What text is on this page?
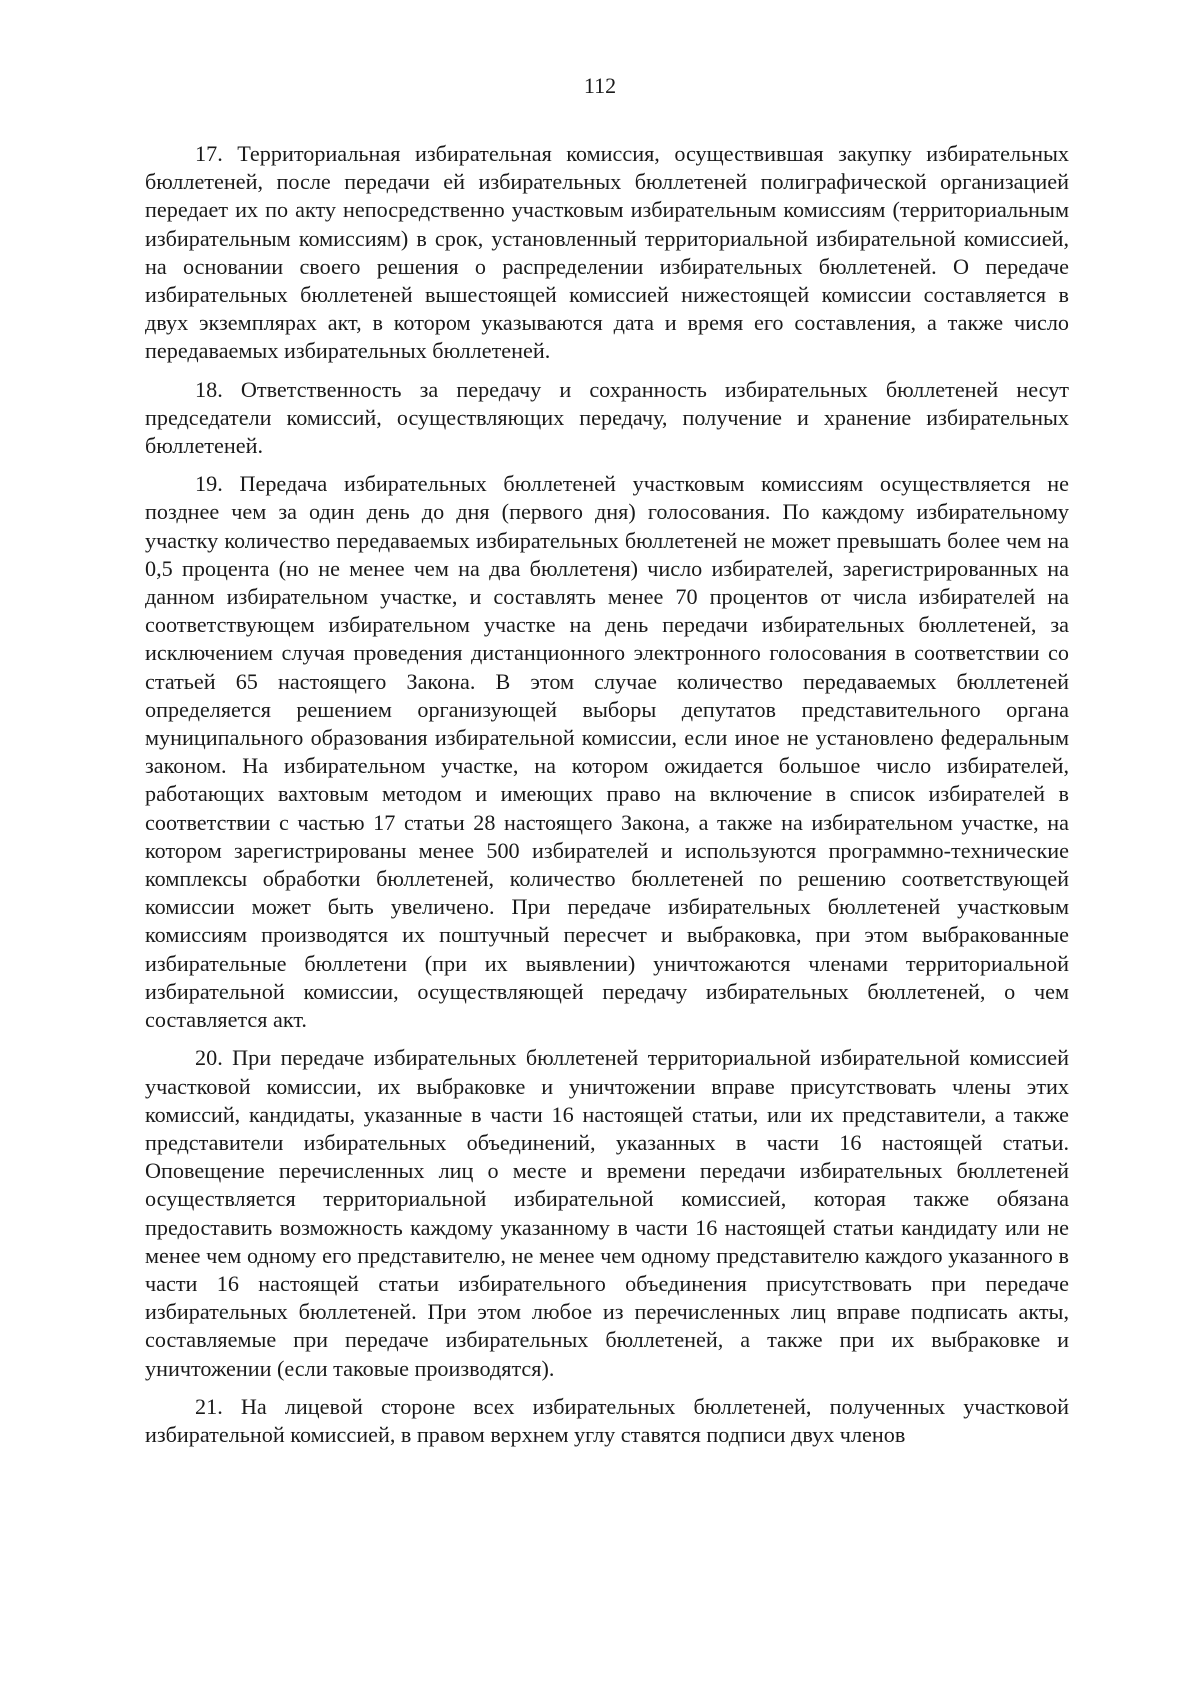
112

17. Территориальная избирательная комиссия, осуществившая закупку избирательных бюллетеней, после передачи ей избирательных бюллетеней полиграфической организацией передает их по акту непосредственно участковым избирательным комиссиям (территориальным избирательным комиссиям) в срок, установленный территориальной избирательной комиссией, на основании своего решения о распределении избирательных бюллетеней. О передаче избирательных бюллетеней вышестоящей комиссией нижестоящей комиссии составляется в двух экземплярах акт, в котором указываются дата и время его составления, а также число передаваемых избирательных бюллетеней.

18. Ответственность за передачу и сохранность избирательных бюллетеней несут председатели комиссий, осуществляющих передачу, получение и хранение избирательных бюллетеней.

19. Передача избирательных бюллетеней участковым комиссиям осуществляется не позднее чем за один день до дня (первого дня) голосования. По каждому избирательному участку количество передаваемых избирательных бюллетеней не может превышать более чем на 0,5 процента (но не менее чем на два бюллетеня) число избирателей, зарегистрированных на данном избирательном участке, и составлять менее 70 процентов от числа избирателей на соответствующем избирательном участке на день передачи избирательных бюллетеней, за исключением случая проведения дистанционного электронного голосования в соответствии со статьей 65 настоящего Закона. В этом случае количество передаваемых бюллетеней определяется решением организующей выборы депутатов представительного органа муниципального образования избирательной комиссии, если иное не установлено федеральным законом. На избирательном участке, на котором ожидается большое число избирателей, работающих вахтовым методом и имеющих право на включение в список избирателей в соответствии с частью 17 статьи 28 настоящего Закона, а также на избирательном участке, на котором зарегистрированы менее 500 избирателей и используются программно-технические комплексы обработки бюллетеней, количество бюллетеней по решению соответствующей комиссии может быть увеличено. При передаче избирательных бюллетеней участковым комиссиям производятся их поштучный пересчет и выбраковка, при этом выбракованные избирательные бюллетени (при их выявлении) уничтожаются членами территориальной избирательной комиссии, осуществляющей передачу избирательных бюллетеней, о чем составляется акт.

20. При передаче избирательных бюллетеней территориальной избирательной комиссией участковой комиссии, их выбраковке и уничтожении вправе присутствовать члены этих комиссий, кандидаты, указанные в части 16 настоящей статьи, или их представители, а также представители избирательных объединений, указанных в части 16 настоящей статьи. Оповещение перечисленных лиц о месте и времени передачи избирательных бюллетеней осуществляется территориальной избирательной комиссией, которая также обязана предоставить возможность каждому указанному в части 16 настоящей статьи кандидату или не менее чем одному его представителю, не менее чем одному представителю каждого указанного в части 16 настоящей статьи избирательного объединения присутствовать при передаче избирательных бюллетеней. При этом любое из перечисленных лиц вправе подписать акты, составляемые при передаче избирательных бюллетеней, а также при их выбраковке и уничтожении (если таковые производятся).

21. На лицевой стороне всех избирательных бюллетеней, полученных участковой избирательной комиссией, в правом верхнем углу ставятся подписи двух членов
